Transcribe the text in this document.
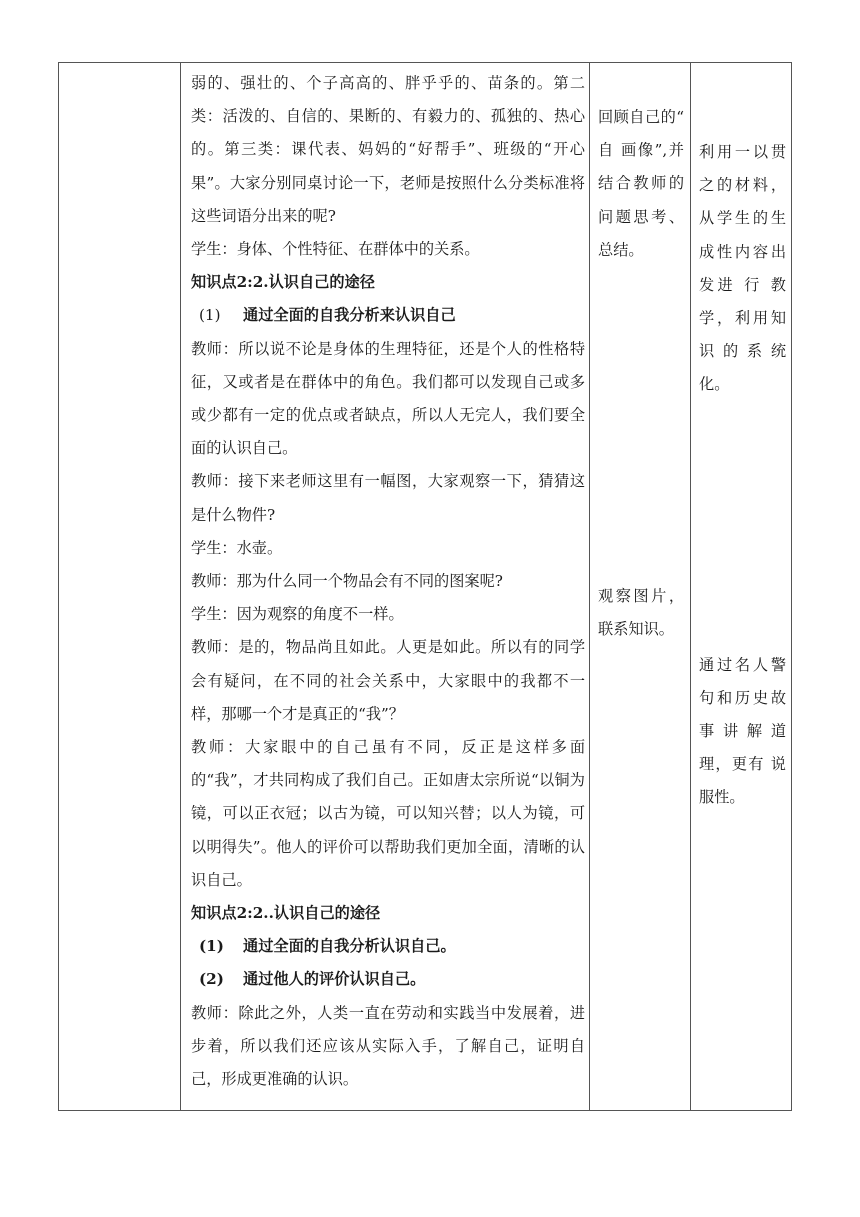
弱的、强壮的、个子高高的、胖乎乎的、苗条的。第二类：活泼的、自信的、果断的、有毅力的、孤独的、热心的。第三类：课代表、妈妈的“好帮手”、班级的“开心果”。大家分别同桌讨论一下，老师是按照什么分类标准将这些词语分出来的呢?

学生：身体、个性特征、在群体中的关系。

知识点2:2.认识自己的途径

(1) 通过全面的自我分析来认识自己

教师：所以说不论是身体的生理特征，还是个人的性格特征，又或者是在群体中的角色。我们都可以发现自己或多或少都有一定的优点或者缺点，所以人无完人，我们要全面的认识自己。

教师：接下来老师这里有一幅图，大家观察一下，猜猜这是什么物件?

学生：水壶。

教师：那为什么同一个物品会有不同的图案呢?

学生：因为观察的角度不一样。

教师：是的，物品尚且如此。人更是如此。所以有的同学会有疑问，在不同的社会关系中，大家眼中的我都不一样，那哪一个才是真正的“我”？

教师：大家眼中的自己虽有不同，反正是这样多面的“我”，才共同构成了我们自己。正如唐太宗所说“以铜为镜，可以正衣冠；以古为镜，可以知兴替；以人为镜，可以明得失”。他人的评价可以帮助我们更加全面，清晰的认识自己。

知识点2:2..认识自己的途径

(1) 通过全面的自我分析认识自己。

(2) 通过他人的评价认识自己。

教师：除此之外，人类一直在劳动和实践当中发展着，进步着，所以我们还应该从实际入手，了解自己，证明自己，形成更准确的认识。

回顾自己的“ 自 画像”,并结合教师的问题思考、总结。

观察图片，联系知识。

利用一以贯之的材料，从学生的生成性内容出发进 行 教学，利用知识的系统化。

通过名人警句和历史故事讲解道理，更有 说 服性。
